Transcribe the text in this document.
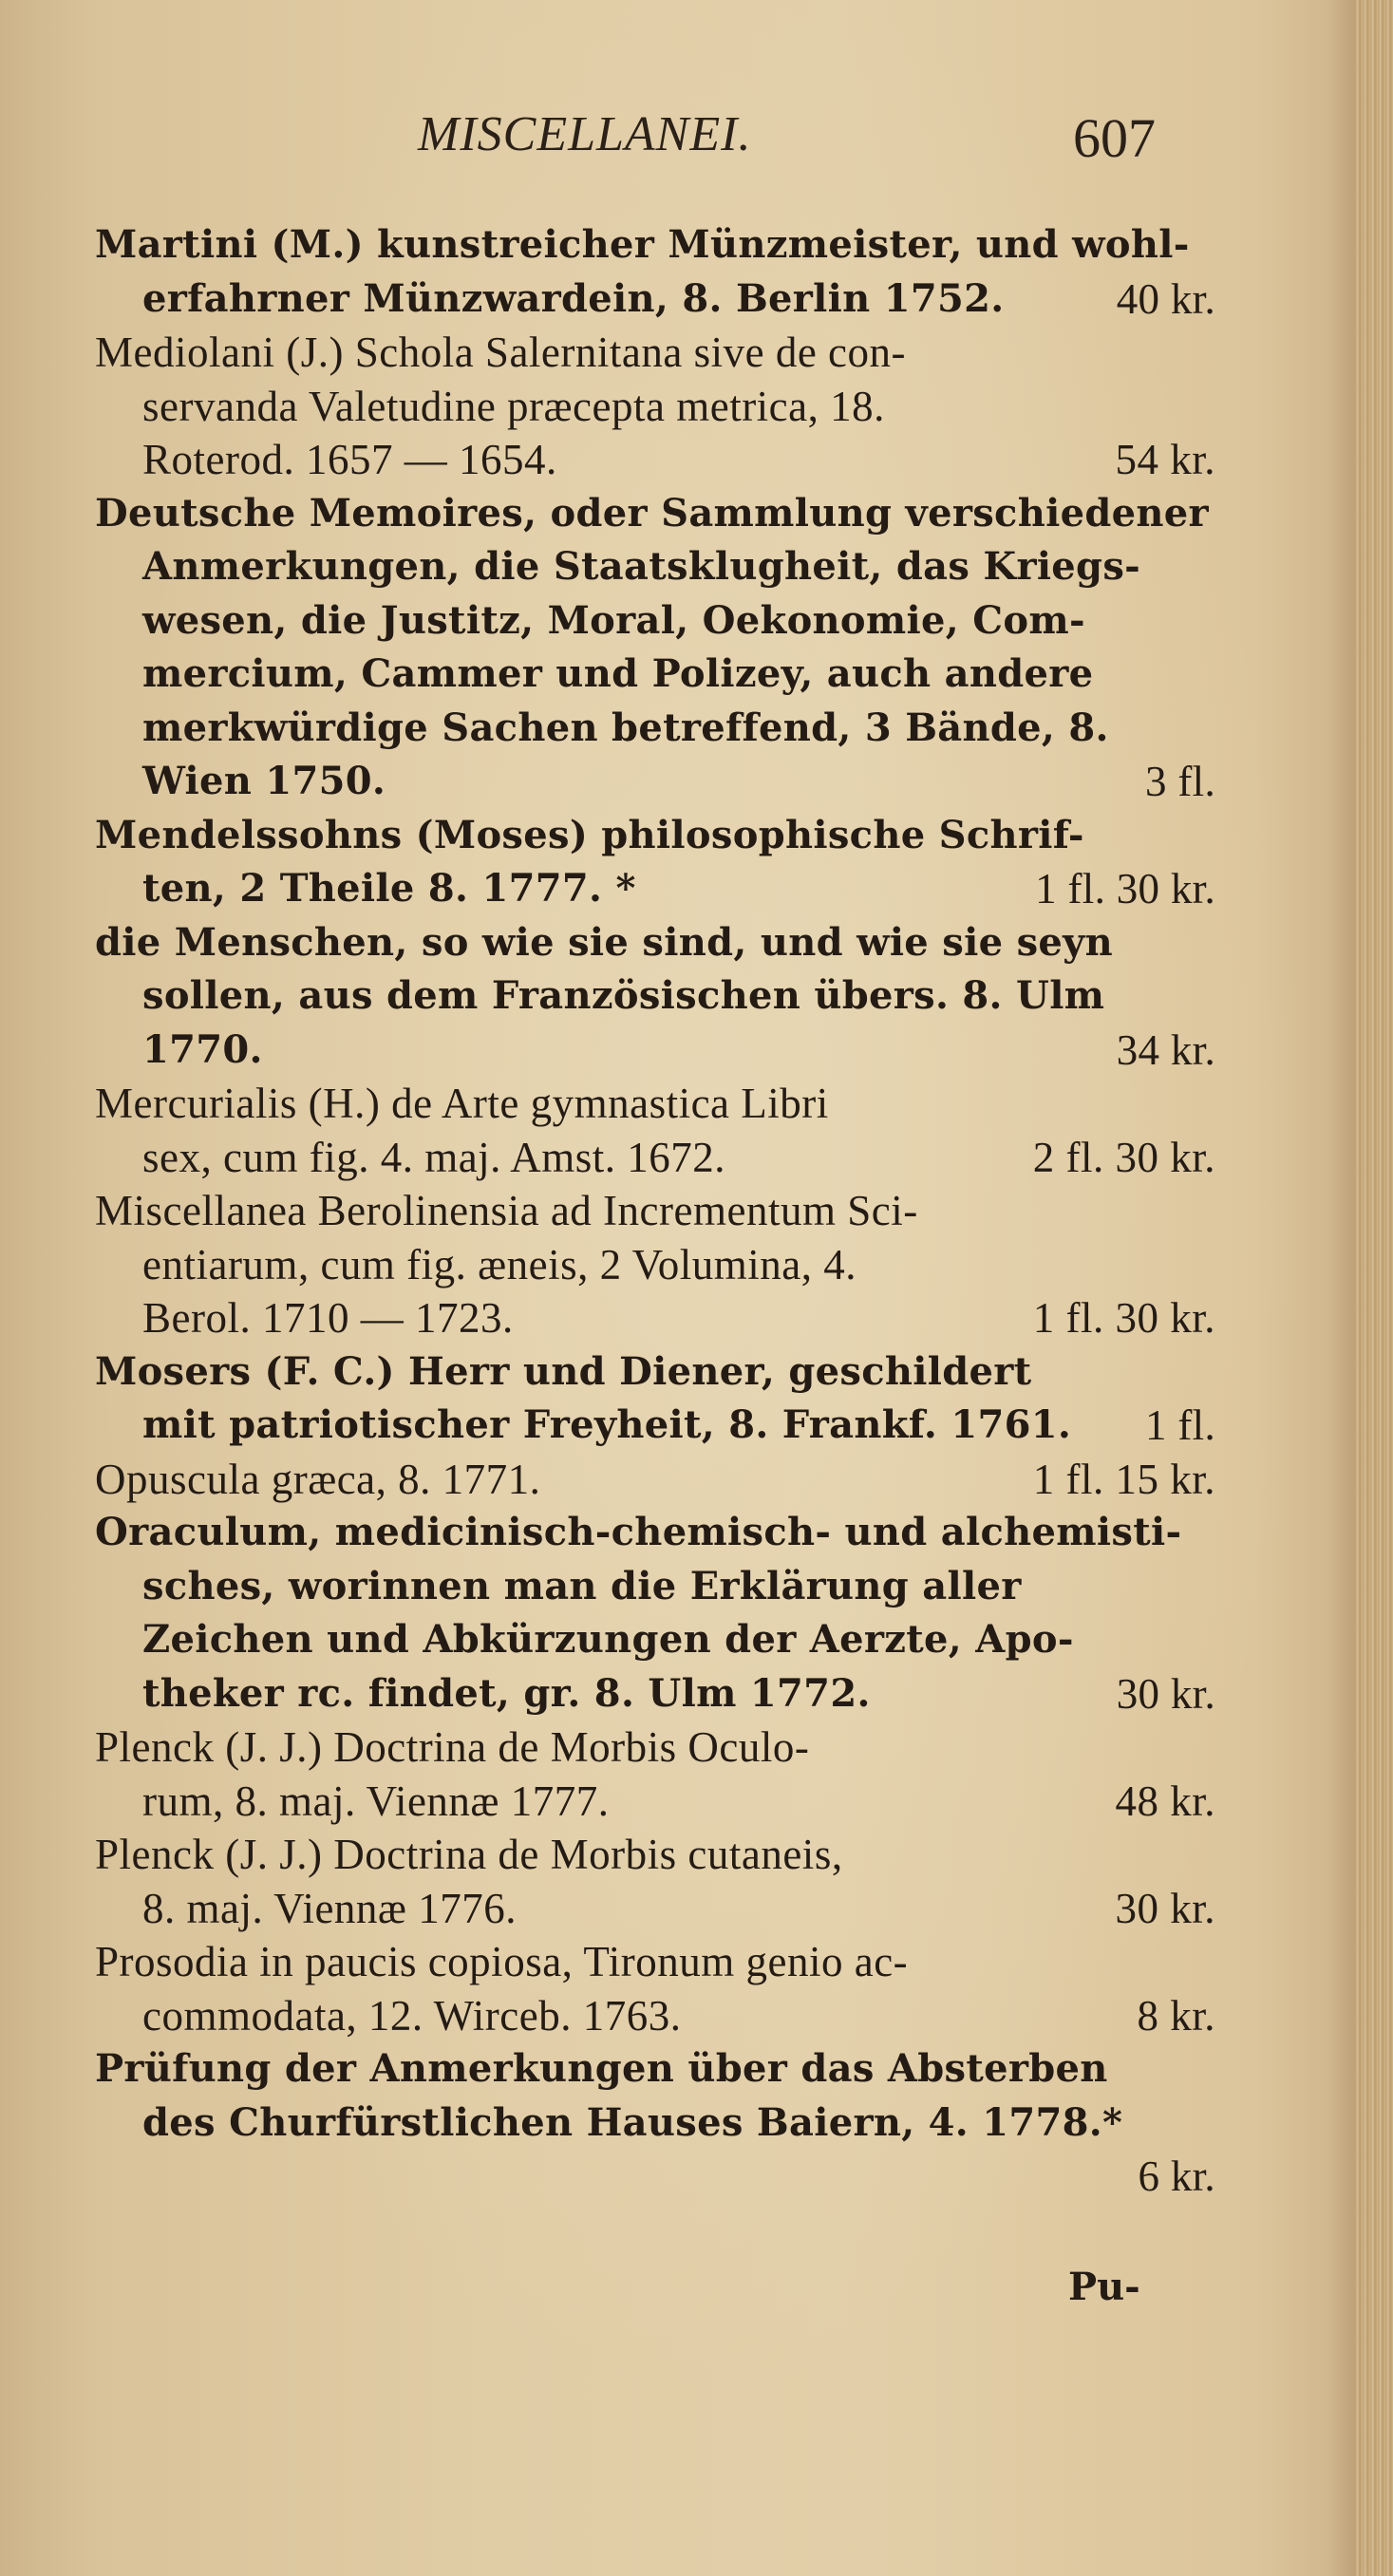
MISCELLANEI.	607
Martini (M.) kunstreicher Münzmeister, und wohl-
erfahrner Münzwardein, 8. Berlin 1752.	40 kr.
Mediolani (J.) Schola Salernitana sive de con-
servanda Valetudine præcepta metrica, 18.
Roterod. 1657 — 1654.	54 kr.
Deutsche Memoires, oder Sammlung verschiedener
Anmerkungen, die Staatsklugheit, das Kriegs-
wesen, die Justitz, Moral, Oekonomie, Com-
mercium, Cammer und Polizey, auch andere
merkwürdige Sachen betreffend, 3 Bände, 8.
Wien 1750.	3 fl.
Mendelssohns (Moses) philosophische Schrif-
ten, 2 Theile 8. 1777. *	1 fl. 30 kr.
die Menschen, so wie sie sind, und wie sie seyn
sollen, aus dem Französischen übers. 8. Ulm
1770.	34 kr.
Mercurialis (H.) de Arte gymnastica Libri
sex, cum fig. 4. maj. Amst. 1672.	2 fl. 30 kr.
Miscellanea Berolinensia ad Incrementum Sci-
entiarum, cum fig. æneis, 2 Volumina, 4.
Berol. 1710 — 1723.	1 fl. 30 kr.
Mosers (F. C.) Herr und Diener, geschildert
mit patriotischer Freyheit, 8. Frankf. 1761. 1 fl.
Opuscula græca, 8. 1771.	1 fl. 15 kr.
Oraculum, medicinisch-chemisch- und alchemisti-
sches, worinnen man die Erklärung aller
Zeichen und Abkürzungen der Aerzte, Apo-
theker rc. findet, gr. 8. Ulm 1772.	30 kr.
Plenck (J. J.) Doctrina de Morbis Oculo-
rum, 8. maj. Viennæ 1777.	48 kr.
Plenck (J. J.) Doctrina de Morbis cutaneis,
8. maj. Viennæ 1776.	30 kr.
Prosodia in paucis copiosa, Tironum genio ac-
commodata, 12. Wirceb. 1763.	8 kr.
Prüfung der Anmerkungen über das Absterben
des Churfürstlichen Hauses Baiern, 4. 1778.*
6 kr.
Pu-
